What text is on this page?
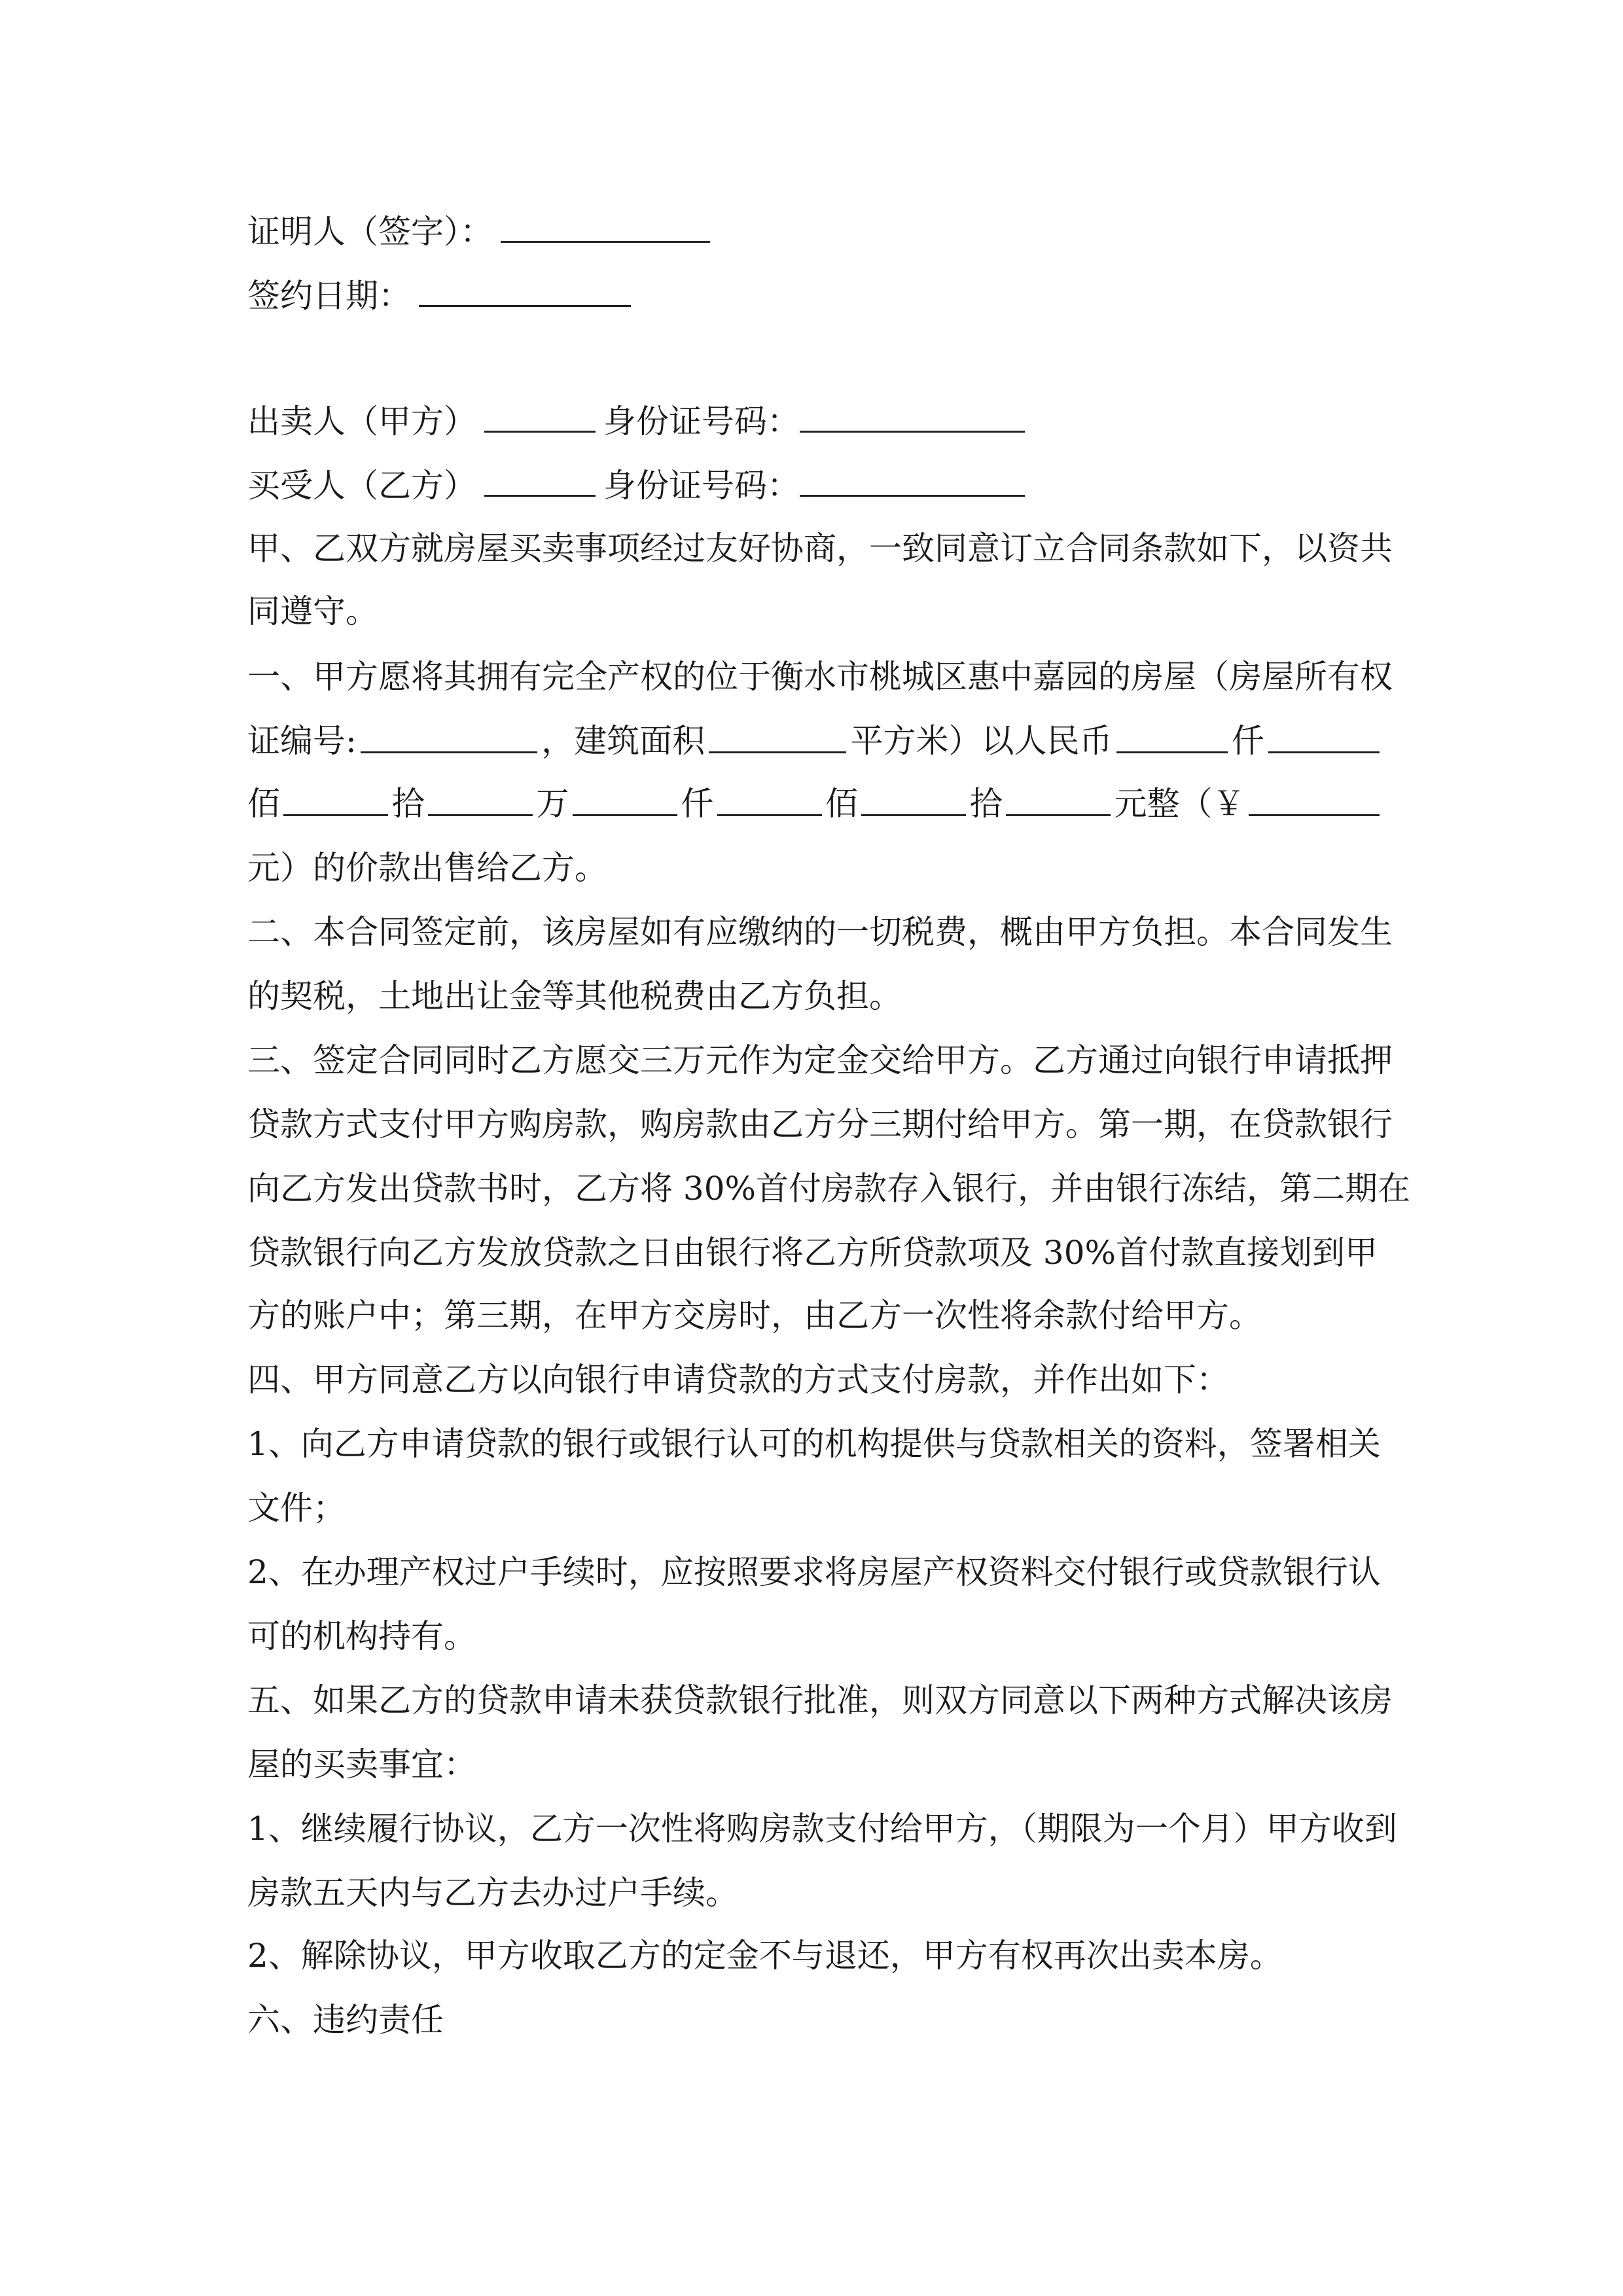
证明人（签字）：
签约日期：
出卖人（甲方）	身份证号码：
买受人（乙方）	身份证号码：
甲、乙双方就房屋买卖事项经过友好协商，一致同意订立合同条款如下，以资共
同遵守。
一、甲方愿将其拥有完全产权的位于衡水市桃城区惠中嘉园的房屋（房屋所有权
证编号:	，建筑面积	平方米）以人民币	仟
佰	拾	万	仟	佰	拾	元整（￥
元）的价款出售给乙方。
二、本合同签定前，该房屋如有应缴纳的一切税费，概由甲方负担。本合同发生
的契税，土地出让金等其他税费由乙方负担。
三、签定合同同时乙方愿交三万元作为定金交给甲方。乙方通过向银行申请抵押
贷款方式支付甲方购房款，购房款由乙方分三期付给甲方。第一期，在贷款银行
向乙方发出贷款书时，乙方将 30%首付房款存入银行，并由银行冻结，第二期在
贷款银行向乙方发放贷款之日由银行将乙方所贷款项及 30%首付款直接划到甲
方的账户中；第三期，在甲方交房时，由乙方一次性将余款付给甲方。
四、甲方同意乙方以向银行申请贷款的方式支付房款，并作出如下：
1、向乙方申请贷款的银行或银行认可的机构提供与贷款相关的资料，签署相关
文件；
2、在办理产权过户手续时，应按照要求将房屋产权资料交付银行或贷款银行认
可的机构持有。
五、如果乙方的贷款申请未获贷款银行批准，则双方同意以下两种方式解决该房
屋的买卖事宜：
1、继续履行协议，乙方一次性将购房款支付给甲方，（期限为一个月）甲方收到
房款五天内与乙方去办过户手续。
2、解除协议，甲方收取乙方的定金不与退还，甲方有权再次出卖本房。
六、违约责任
